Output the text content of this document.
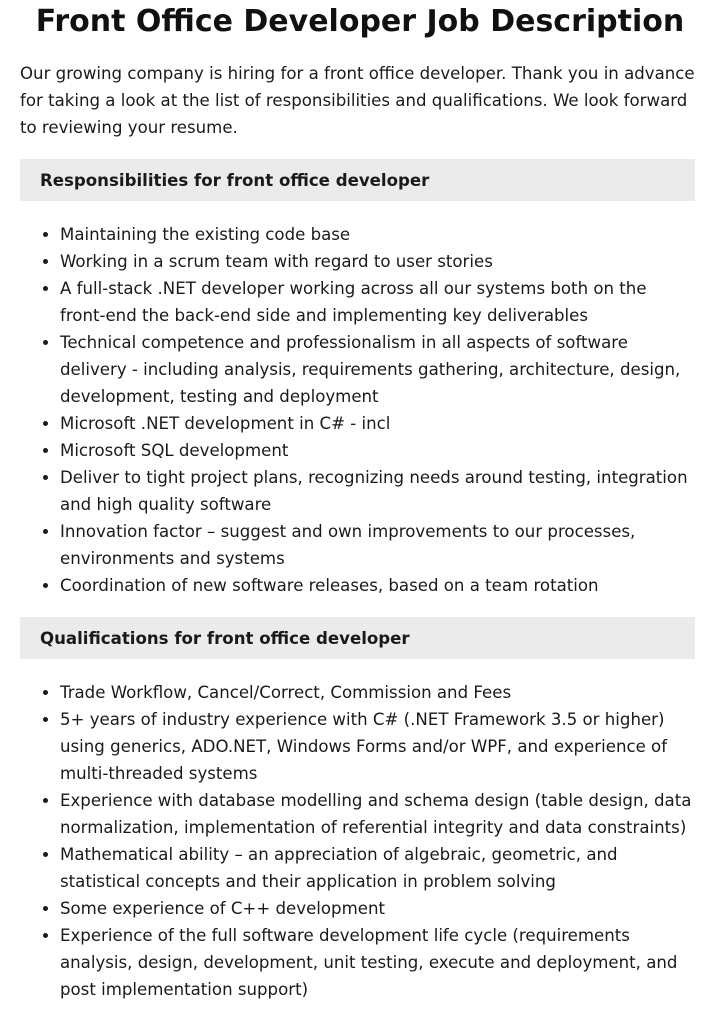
Front Office Developer Job Description

Our growing company is hiring for a front office developer. Thank you in advance for taking a look at the list of responsibilities and qualifications. We look forward to reviewing your resume.

Responsibilities for front office developer
• Maintaining the existing code base
• Working in a scrum team with regard to user stories
• A full-stack .NET developer working across all our systems both on the front-end the back-end side and implementing key deliverables
• Technical competence and professionalism in all aspects of software delivery - including analysis, requirements gathering, architecture, design, development, testing and deployment
• Microsoft .NET development in C# - incl
• Microsoft SQL development
• Deliver to tight project plans, recognizing needs around testing, integration and high quality software
• Innovation factor – suggest and own improvements to our processes, environments and systems
• Coordination of new software releases, based on a team rotation
Qualifications for front office developer
• Trade Workflow, Cancel/Correct, Commission and Fees
• 5+ years of industry experience with C# (.NET Framework 3.5 or higher) using generics, ADO.NET, Windows Forms and/or WPF, and experience of multi-threaded systems
• Experience with database modelling and schema design (table design, data normalization, implementation of referential integrity and data constraints)
• Mathematical ability – an appreciation of algebraic, geometric, and statistical concepts and their application in problem solving
• Some experience of C++ development
• Experience of the full software development life cycle (requirements analysis, design, development, unit testing, execute and deployment, and post implementation support)
